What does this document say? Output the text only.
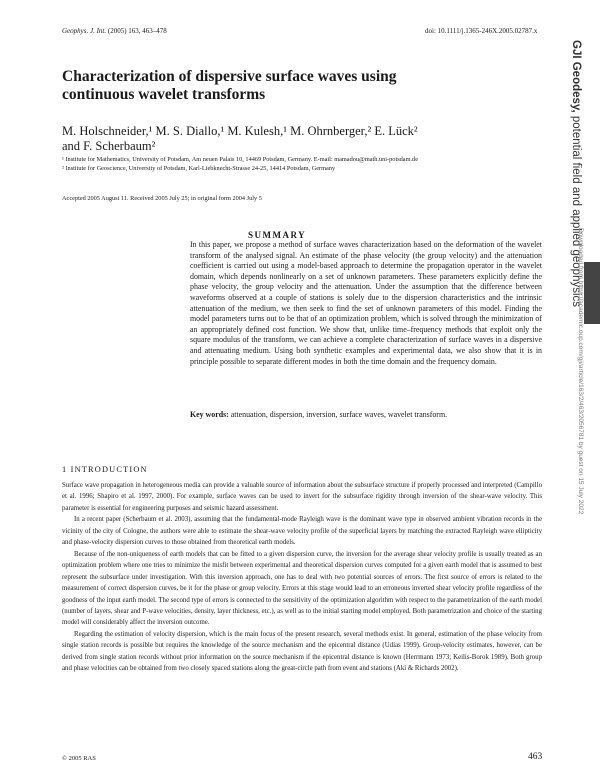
Geophys. J. Int. (2005) 163, 463–478	doi: 10.1111/j.1365-246X.2005.02787.x
Characterization of dispersive surface waves using continuous wavelet transforms
M. Holschneider,¹ M. S. Diallo,¹ M. Kulesh,¹ M. Ohrnberger,² E. Lück²
and F. Scherbaum²
¹ Institute for Mathematics, University of Potsdam, Am neuen Palais 10, 14469 Potsdam, Germany. E-mail: mamadou@math.uni-potsdam.de
² Institute for Geoscience, University of Potsdam, Karl-Liebknecht-Strasse 24-25, 14414 Potsdam, Germany
Accepted 2005 August 11. Received 2005 July 25; in original form 2004 July 5
SUMMARY
In this paper, we propose a method of surface waves characterization based on the deformation of the wavelet transform of the analysed signal. An estimate of the phase velocity (the group velocity) and the attenuation coefficient is carried out using a model-based approach to determine the propagation operator in the wavelet domain, which depends nonlinearly on a set of unknown parameters. These parameters explicitly define the phase velocity, the group velocity and the attenuation. Under the assumption that the difference between waveforms observed at a couple of stations is solely due to the dispersion characteristics and the intrinsic attenuation of the medium, we then seek to find the set of unknown parameters of this model. Finding the model parameters turns out to be that of an optimization problem, which is solved through the minimization of an appropriately defined cost function. We show that, unlike time–frequency methods that exploit only the square modulus of the transform, we can achieve a complete characterization of surface waves in a dispersive and attenuating medium. Using both synthetic examples and experimental data, we also show that it is in principle possible to separate different modes in both the time domain and the frequency domain.
Key words: attenuation, dispersion, inversion, surface waves, wavelet transform.
1 INTRODUCTION

Surface wave propagation in heterogeneous media can provide a valuable source of information about the subsurface structure if properly processed and interpreted (Campillo et al. 1996; Shapiro et al. 1997, 2000). For example, surface waves can be used to invert for the subsurface rigidity through inversion of the shear-wave velocity. This parameter is essential for engineering purposes and seismic hazard assessment.

In a recent paper (Scherbaum et al. 2003), assuming that the fundamental-mode Rayleigh wave is the dominant wave type in observed ambient vibration records in the vicinity of the city of Cologne, the authors were able to estimate the shear-wave velocity profile of the superficial layers by matching the extracted Rayleigh wave ellipticity and phase-velocity dispersion curves to those obtained from theoretical earth models.

Because of the non-uniqueness of earth models that can be fitted to a given dispersion curve, the inversion for the average shear velocity profile is usually treated as an optimization problem where one tries to minimize the misfit between experimental and theoretical dispersion curves computed for a given earth model that is assumed to best represent the subsurface under investigation. With this inversion approach, one has to deal with two potential sources of errors. The first source of errors is related to the measurement of correct dispersion curves, be it for the phase or group velocity. Errors at this stage would lead to an erroneous inverted shear velocity profile regardless of the goodness of the input earth model. The second type of errors is connected to the sensitivity of the optimization algorithm with respect to the parametrization of the earth model (number of layers, shear and P-wave velocities, density, layer thickness, etc.), as well as to the initial starting model employed. Both parametrization and choice of the starting model will considerably affect the inversion outcome.

Regarding the estimation of velocity dispersion, which is the main focus of the present research, several methods exist. In general, estimation of the phase velocity from single station records is possible but requires the knowledge of the source mechanism and the epicentral distance (Udías 1999). Group-velocity estimates, however, can be derived from single station records without prior information on the source mechanism if the epicentral distance is known (Herrmann 1973; Keilis-Borok 1989). Both group and phase velocities can be obtained from two closely spaced stations along the great-circle path from event and stations (Aki & Richards 2002).

© 2005 RAS	463
GJI Geodesy, potential field and applied geophysics
Downloaded from https://academic.oup.com/gji/article/163/2/463/2056781 by guest on 15 July 2022
